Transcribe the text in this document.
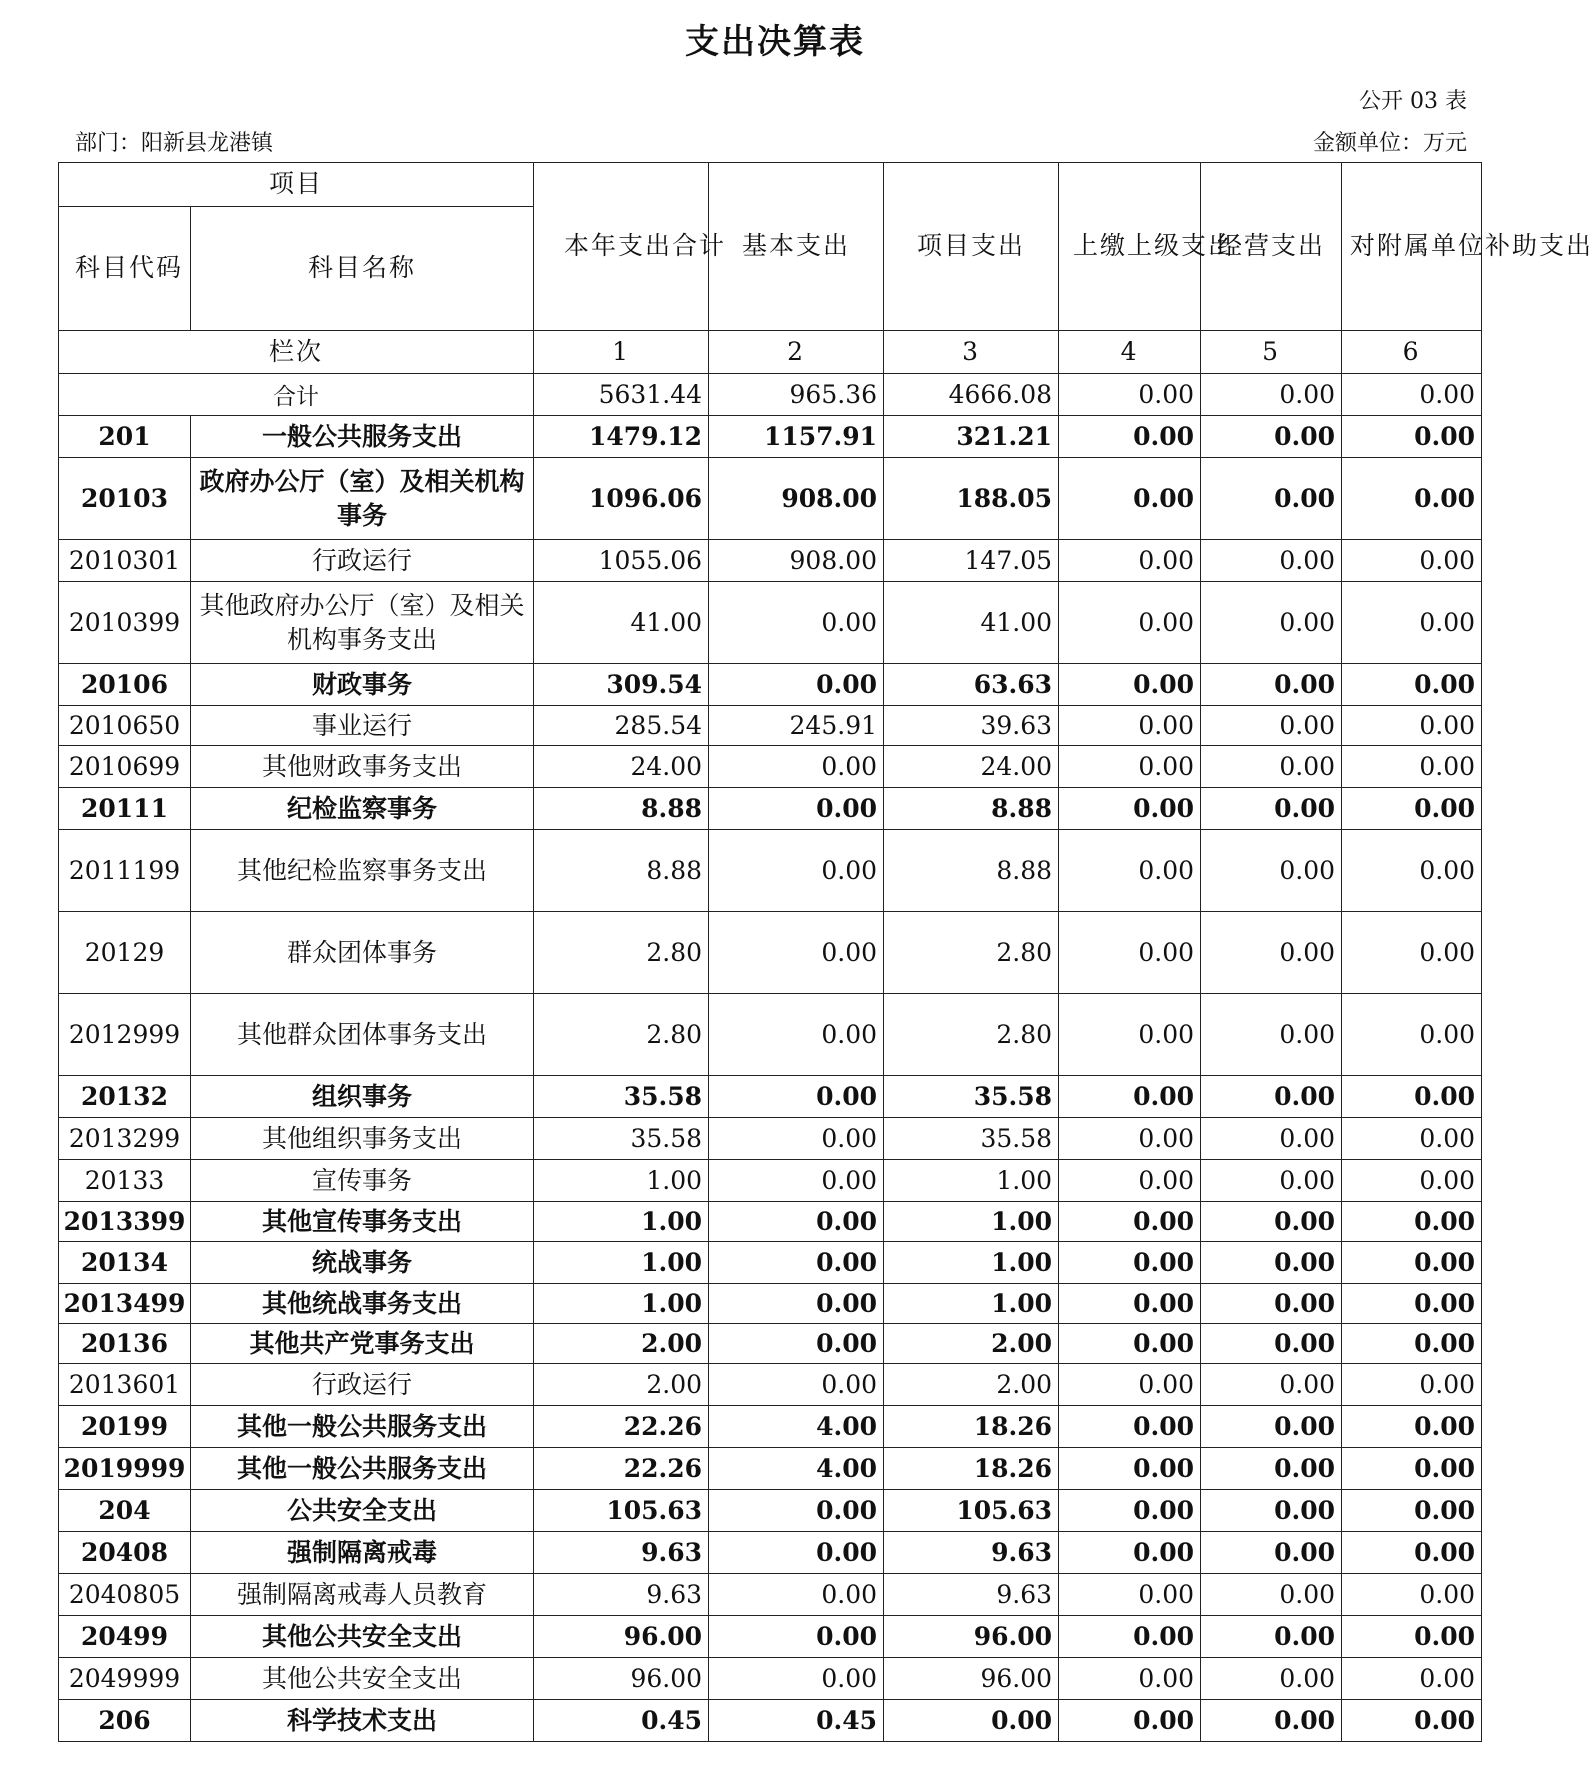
支出决算表
公开 03 表
部门：阳新县龙港镇	金额单位：万元
项目		本年支出合计	基本支出	项目支出	上缴上级支出	经营支出	对附属单位补助支出
科目代码	科目名称						
栏次		1	2	3	4	5	6
合计		5631.44	965.36	4666.08	0.00	0.00	0.00
201	一般公共服务支出	1479.12	1157.91	321.21	0.00	0.00	0.00
20103	政府办公厅（室）及相关机构事务	1096.06	908.00	188.05	0.00	0.00	0.00
2010301	行政运行	1055.06	908.00	147.05	0.00	0.00	0.00
2010399	其他政府办公厅（室）及相关机构事务支出	41.00	0.00	41.00	0.00	0.00	0.00
20106	财政事务	309.54	0.00	63.63	0.00	0.00	0.00
2010650	事业运行	285.54	245.91	39.63	0.00	0.00	0.00
2010699	其他财政事务支出	24.00	0.00	24.00	0.00	0.00	0.00
20111	纪检监察事务	8.88	0.00	8.88	0.00	0.00	0.00
2011199	其他纪检监察事务支出	8.88	0.00	8.88	0.00	0.00	0.00
20129	群众团体事务	2.80	0.00	2.80	0.00	0.00	0.00
2012999	其他群众团体事务支出	2.80	0.00	2.80	0.00	0.00	0.00
20132	组织事务	35.58	0.00	35.58	0.00	0.00	0.00
2013299	其他组织事务支出	35.58	0.00	35.58	0.00	0.00	0.00
20133	宣传事务	1.00	0.00	1.00	0.00	0.00	0.00
2013399	其他宣传事务支出	1.00	0.00	1.00	0.00	0.00	0.00
20134	统战事务	1.00	0.00	1.00	0.00	0.00	0.00
2013499	其他统战事务支出	1.00	0.00	1.00	0.00	0.00	0.00
20136	其他共产党事务支出	2.00	0.00	2.00	0.00	0.00	0.00
2013601	行政运行	2.00	0.00	2.00	0.00	0.00	0.00
20199	其他一般公共服务支出	22.26	4.00	18.26	0.00	0.00	0.00
2019999	其他一般公共服务支出	22.26	4.00	18.26	0.00	0.00	0.00
204	公共安全支出	105.63	0.00	105.63	0.00	0.00	0.00
20408	强制隔离戒毒	9.63	0.00	9.63	0.00	0.00	0.00
2040805	强制隔离戒毒人员教育	9.63	0.00	9.63	0.00	0.00	0.00
20499	其他公共安全支出	96.00	0.00	96.00	0.00	0.00	0.00
2049999	其他公共安全支出	96.00	0.00	96.00	0.00	0.00	0.00
206	科学技术支出	0.45	0.45	0.00	0.00	0.00	0.00
